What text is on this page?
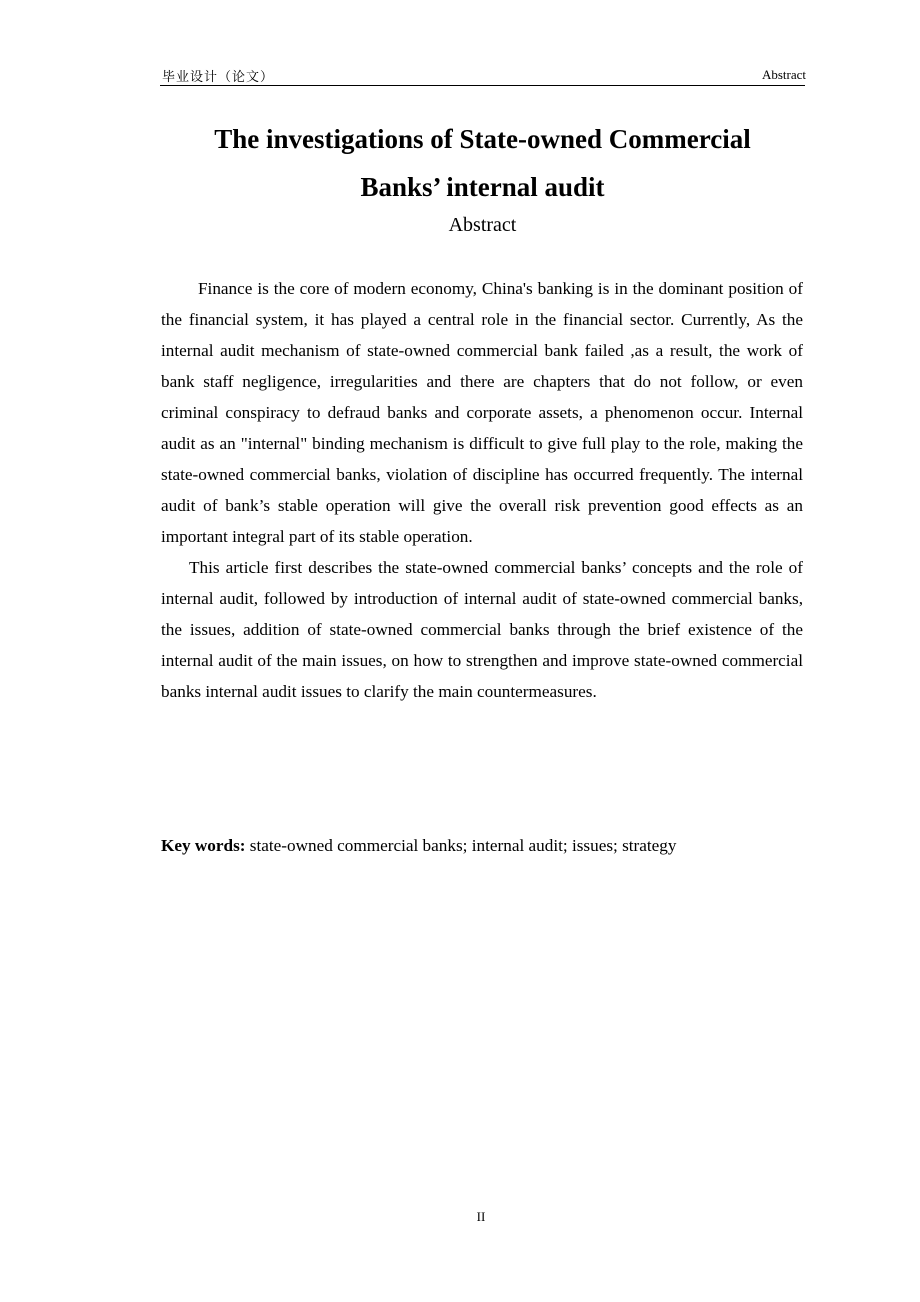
毕业设计（论文）	Abstract
The investigations of State-owned Commercial
Banks’ internal audit
Abstract

Finance is the core of modern economy, China's banking is in the dominant position of the financial system, it has played a central role in the financial sector. Currently, As the internal audit mechanism of state-owned commercial bank failed ,as a result, the work of bank staff negligence, irregularities and there are chapters that do not follow, or even criminal conspiracy to defraud banks and corporate assets, a phenomenon occur. Internal audit as an "internal" binding mechanism is difficult to give full play to the role, making the state-owned commercial banks, violation of discipline has occurred frequently. The internal audit of bank’s stable operation will give the overall risk prevention good effects as an important integral part of its stable operation.

This article first describes the state-owned commercial banks’ concepts and the role of internal audit, followed by introduction of internal audit of state-owned commercial banks, the issues, addition of state-owned commercial banks through the brief existence of the internal audit of the main issues, on how to strengthen and improve state-owned commercial banks internal audit issues to clarify the main countermeasures.

Key words: state-owned commercial banks; internal audit; issues; strategy
II
